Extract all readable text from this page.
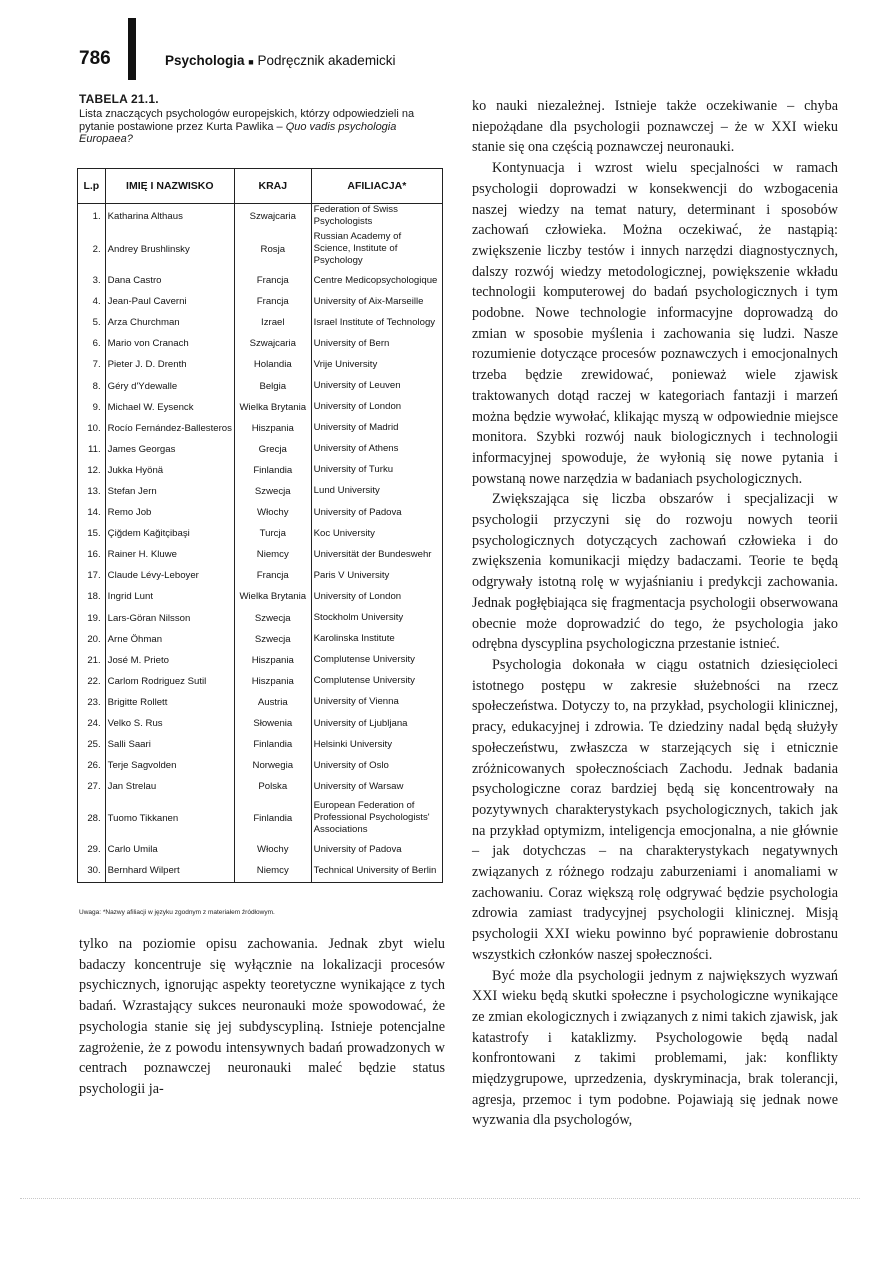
786	Psychologia ■ Podręcznik akademicki
TABELA 21.1.
Lista znaczących psychologów europejskich, którzy odpowiedzieli na pytanie postawione przez Kurta Pawlika – Quo vadis psychologia Europaea?
L.p	IMIĘ I NAZWISKO	KRAJ	AFILIACJA*
1.	Katharina Althaus	Szwajcaria	Federation of Swiss Psychologists
2.	Andrey Brushlinsky	Rosja	Russian Academy of Science, Institute of Psychology
3.	Dana Castro	Francja	Centre Medicopsychologique
4.	Jean-Paul Caverni	Francja	University of Aix-Marseille
5.	Arza Churchman	Izrael	Israel Institute of Technology
6.	Mario von Cranach	Szwajcaria	University of Bern
7.	Pieter J. D. Drenth	Holandia	Vrije University
8.	Géry d'Ydewalle	Belgia	University of Leuven
9.	Michael W. Eysenck	Wielka Brytania	University of London
10.	Rocío Fernández-Ballesteros	Hiszpania	University of Madrid
11.	James Georgas	Grecja	University of Athens
12.	Jukka Hyönä	Finlandia	University of Turku
13.	Stefan Jern	Szwecja	Lund University
14.	Remo Job	Włochy	University of Padova
15.	Çiğdem Kağitçibaşi	Turcja	Koc University
16.	Rainer H. Kluwe	Niemcy	Universität der Bundeswehr
17.	Claude Lévy-Leboyer	Francja	Paris V University
18.	Ingrid Lunt	Wielka Brytania	University of London
19.	Lars-Göran Nilsson	Szwecja	Stockholm University
20.	Arne Öhman	Szwecja	Karolinska Institute
21.	José M. Prieto	Hiszpania	Complutense University
22.	Carlom Rodriguez Sutil	Hiszpania	Complutense University
23.	Brigitte Rollett	Austria	University of Vienna
24.	Velko S. Rus	Słowenia	University of Ljubljana
25.	Salli Saari	Finlandia	Helsinki University
26.	Terje Sagvolden	Norwegia	University of Oslo
27.	Jan Strelau	Polska	University of Warsaw
28.	Tuomo Tikkanen	Finlandia	European Federation of Professional Psychologists' Associations
29.	Carlo Umila	Włochy	University of Padova
30.	Bernhard Wilpert	Niemcy	Technical University of Berlin
Uwaga: *Nazwy afiliacji w języku zgodnym z materiałem źródłowym.

tylko na poziomie opisu zachowania. Jednak zbyt wielu badaczy koncentruje się wyłącznie na lokalizacji procesów psychicznych, ignorując aspekty teoretyczne wynikające z tych badań. Wzrastający sukces neuronauki może spowodować, że psychologia stanie się jej subdyscypliną. Istnieje potencjalne zagrożenie, że z powodu intensywnych badań prowadzonych w centrach poznawczej neuronauki maleć będzie status psychologii ja-

ko nauki niezależnej. Istnieje także oczekiwanie – chyba niepożądane dla psychologii poznawczej – że w XXI wieku stanie się ona częścią poznawczej neuronauki.

Kontynuacja i wzrost wielu specjalności w ramach psychologii doprowadzi w konsekwencji do wzbogacenia naszej wiedzy na temat natury, determinant i sposobów zachowań człowieka. Można oczekiwać, że nastąpią: zwiększenie liczby testów i innych narzędzi diagnostycznych, dalszy rozwój wiedzy metodologicznej, powiększenie wkładu technologii komputerowej do badań psychologicznych i tym podobne. Nowe technologie informacyjne doprowadzą do zmian w sposobie myślenia i zachowania się ludzi. Nasze rozumienie dotyczące procesów poznawczych i emocjonalnych trzeba będzie zrewidować, ponieważ wiele zjawisk traktowanych dotąd raczej w kategoriach fantazji i marzeń można będzie wywołać, klikając myszą w odpowiednie miejsce monitora. Szybki rozwój nauk biologicznych i technologii informacyjnej spowoduje, że wyłonią się nowe pytania i powstaną nowe narzędzia w badaniach psychologicznych.

Zwiększająca się liczba obszarów i specjalizacji w psychologii przyczyni się do rozwoju nowych teorii psychologicznych dotyczących zachowań człowieka i do zwiększenia komunikacji między badaczami. Teorie te będą odgrywały istotną rolę w wyjaśnianiu i predykcji zachowania. Jednak pogłębiająca się fragmentacja psychologii obserwowana obecnie może doprowadzić do tego, że psychologia jako odrębna dyscyplina psychologiczna przestanie istnieć.

Psychologia dokonała w ciągu ostatnich dziesięcioleci istotnego postępu w zakresie służebności na rzecz społeczeństwa. Dotyczy to, na przykład, psychologii klinicznej, pracy, edukacyjnej i zdrowia. Te dziedziny nadal będą służyły społeczeństwu, zwłaszcza w starzejących się i etnicznie zróżnicowanych społecznościach Zachodu. Jednak badania psychologiczne coraz bardziej będą się koncentrowały na pozytywnych charakterystykach psychologicznych, takich jak na przykład optymizm, inteligencja emocjonalna, a nie głównie – jak dotychczas – na charakterystykach negatywnych związanych z różnego rodzaju zaburzeniami i anomaliami w zachowaniu. Coraz większą rolę odgrywać będzie psychologia zdrowia zamiast tradycyjnej psychologii klinicznej. Misją psychologii XXI wieku powinno być poprawienie dobrostanu wszystkich członków naszej społeczności.

Być może dla psychologii jednym z największych wyzwań XXI wieku będą skutki społeczne i psychologiczne wynikające ze zmian ekologicznych i związanych z nimi takich zjawisk, jak katastrofy i kataklizmy. Psychologowie będą nadal konfrontowani z takimi problemami, jak: konflikty międzygrupowe, uprzedzenia, dyskryminacja, brak tolerancji, agresja, przemoc i tym podobne. Pojawiają się jednak nowe wyzwania dla psychologów,
